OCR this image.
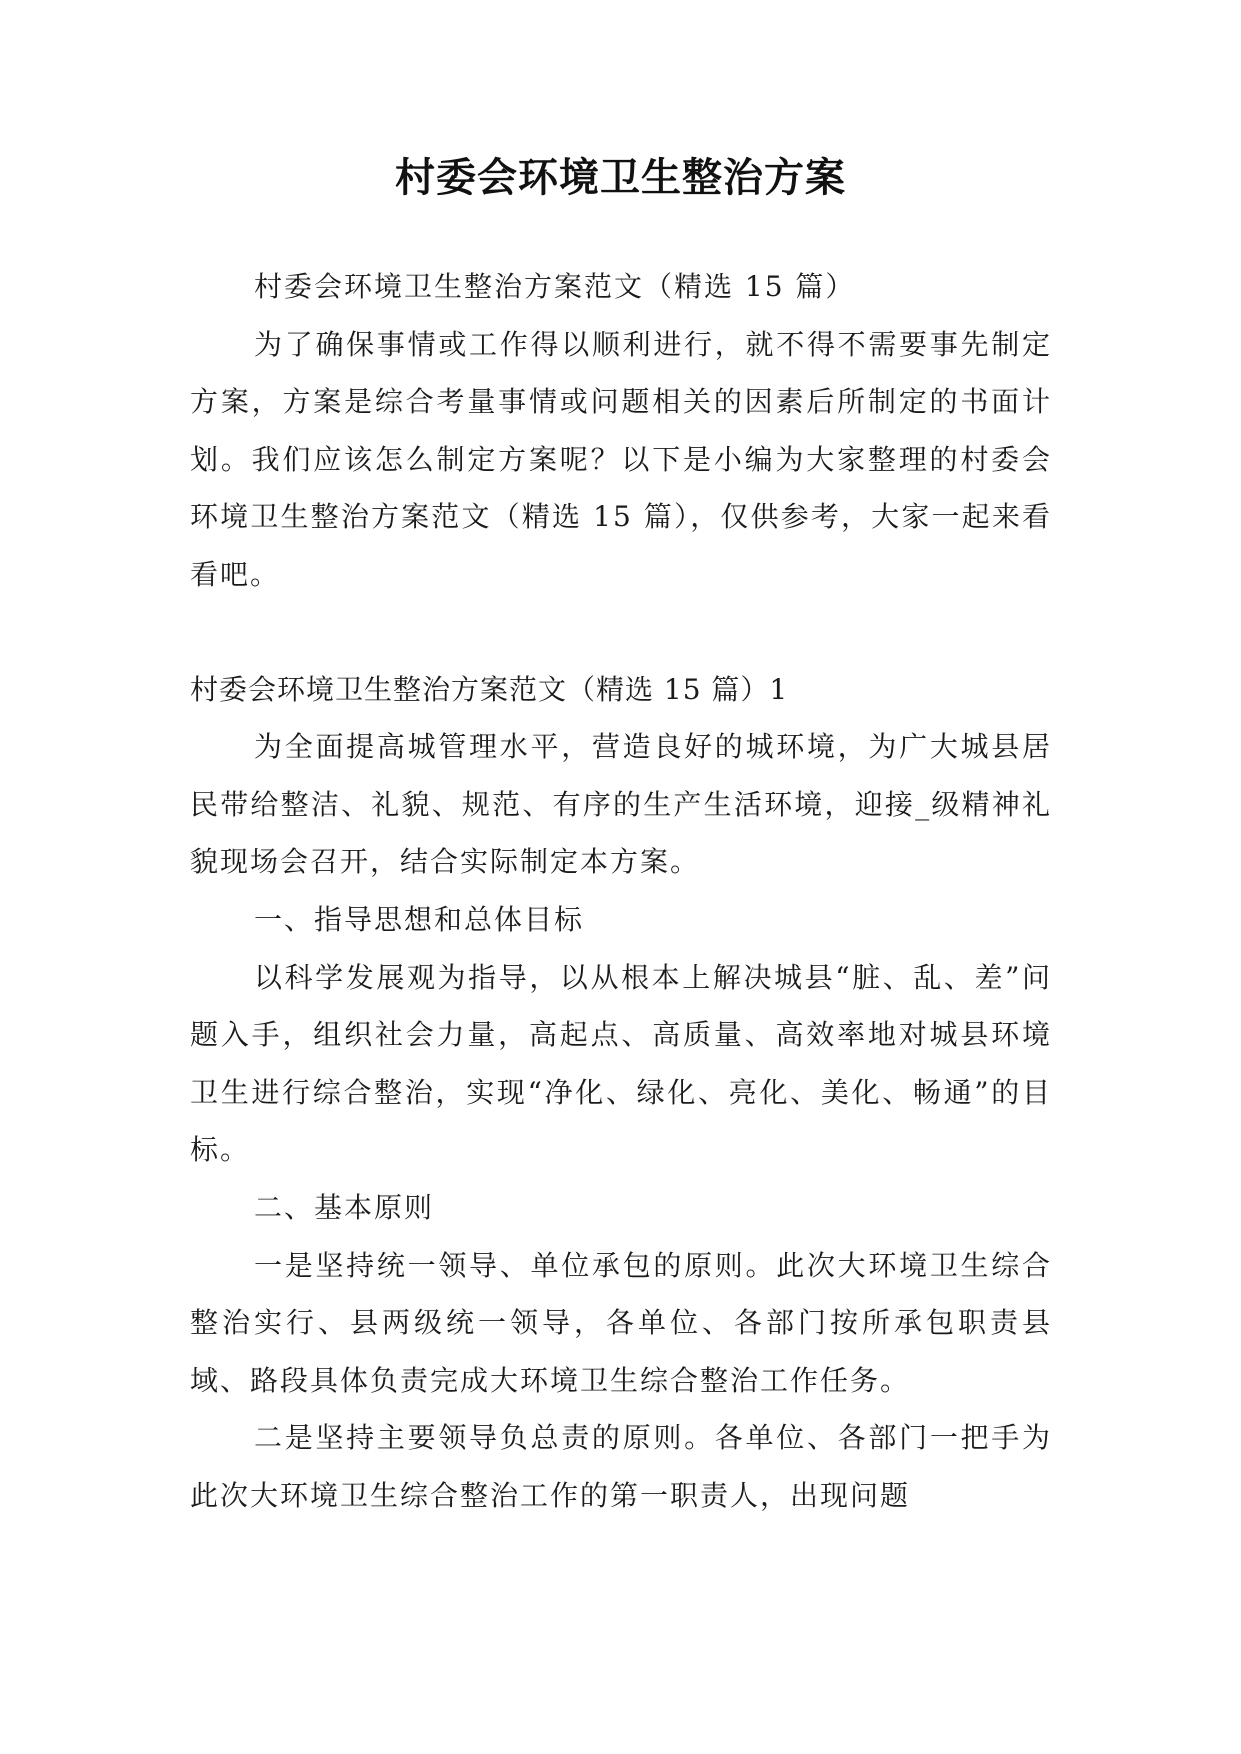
村委会环境卫生整治方案

村委会环境卫生整治方案范文（精选 15 篇）

为了确保事情或工作得以顺利进行，就不得不需要事先制定方案，方案是综合考量事情或问题相关的因素后所制定的书面计划。我们应该怎么制定方案呢？以下是小编为大家整理的村委会环境卫生整治方案范文（精选 15 篇），仅供参考，大家一起来看看吧。

村委会环境卫生整治方案范文（精选 15 篇）1

为全面提高城管理水平，营造良好的城环境，为广大城县居民带给整洁、礼貌、规范、有序的生产生活环境，迎接_级精神礼貌现场会召开，结合实际制定本方案。

一、指导思想和总体目标

以科学发展观为指导，以从根本上解决城县“脏、乱、差”问题入手，组织社会力量，高起点、高质量、高效率地对城县环境卫生进行综合整治，实现“净化、绿化、亮化、美化、畅通”的目标。

二、基本原则

一是坚持统一领导、单位承包的原则。此次大环境卫生综合整治实行、县两级统一领导，各单位、各部门按所承包职责县域、路段具体负责完成大环境卫生综合整治工作任务。

二是坚持主要领导负总责的原则。各单位、各部门一把手为此次大环境卫生综合整治工作的第一职责人，出现问题
